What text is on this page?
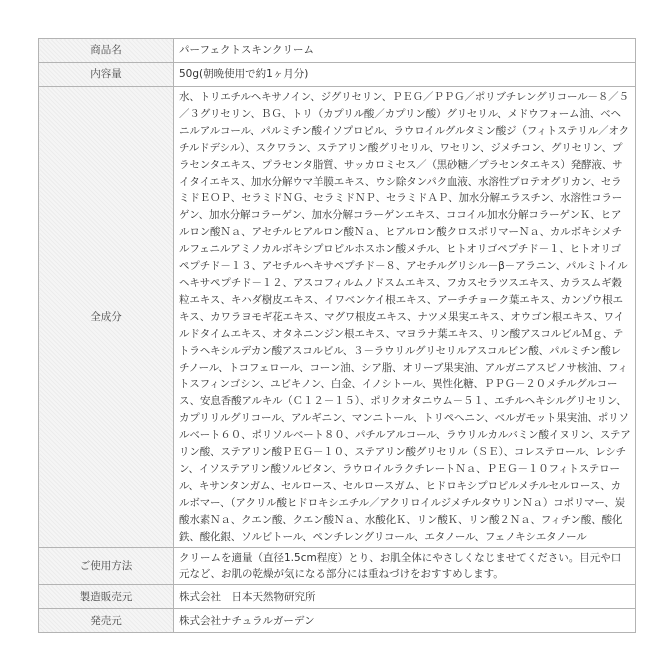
商品名	パーフェクトスキンクリーム
内容量	50g(朝晩使用で約1ヶ月分)
全成分	水、トリエチルヘキサノイン、ジグリセリン、ＰＥＧ／ＰＰＧ／ポリブチレングリコール－８／５／３グリセリン、ＢＧ、トリ（カプリル酸／カプリン酸）グリセリル、メドウフォーム油、ベヘニルアルコール、パルミチン酸イソプロピル、ラウロイルグルタミン酸ジ（フィトステリル／オクチルドデシル）、スクワラン、ステアリン酸グリセリル、ワセリン、ジメチコン、グリセリン、プラセンタエキス、プラセンタ脂質、サッカロミセス／（黒砂糖／プラセンタエキス）発酵液、サイタイエキス、加水分解ウマ羊膜エキス、ウシ除タンパク血液、水溶性プロテオグリカン、セラミドＥＯＰ、セラミドＮＧ、セラミドＮＰ、セラミドＡＰ、加水分解エラスチン、水溶性コラーゲン、加水分解コラーゲン、加水分解コラーゲンエキス、ココイル加水分解コラーゲンＫ、ヒアルロン酸Ｎａ、アセチルヒアルロン酸Ｎａ、ヒアルロン酸クロスポリマーＮａ、カルボキシメチルフェニルアミノカルボキシプロピルホスホン酸メチル、ヒトオリゴペプチド－１、ヒトオリゴペプチド－１３、アセチルヘキサペプチド－８、アセチルグリシル－β－アラニン、パルミトイルヘキサペプチド－１２、アスコフィルムノドスムエキス、フカスセラツスエキス、カラスムギ穀粒エキス、キハダ樹皮エキス、イワベンケイ根エキス、アーチチョーク葉エキス、カンゾウ根エキス、カワラヨモギ花エキス、マグワ根皮エキス、ナツメ果実エキス、オウゴン根エキス、ワイルドタイムエキス、オタネニンジン根エキス、マヨラナ葉エキス、リン酸アスコルビルＭｇ、テトラヘキシルデカン酸アスコルビル、３－ラウリルグリセリルアスコルビン酸、パルミチン酸レチノール、トコフェロール、コーン油、シア脂、オリーブ果実油、アルガニアスピノサ核油、フィトスフィンゴシン、ユビキノン、白金、イノシトール、異性化糖、ＰＰＧ－２０メチルグルコース、安息香酸アルキル（Ｃ１２－１５）、ポリクオタニウム－５１、エチルヘキシルグリセリン、カプリリルグリコール、アルギニン、マンニトール、トリペへニン、ベルガモット果実油、ポリソルベート６０、ポリソルベート８０、パチルアルコール、ラウリルカルバミン酸イヌリン、ステアリン酸、ステアリン酸ＰＥＧ－１０、ステアリン酸グリセリル（ＳＥ）、コレステロール、レシチン、イソステアリン酸ソルビタン、ラウロイルラクチレートＮａ、ＰＥＧ－１０フィトステロール、キサンタンガム、セルロース、セルロースガム、ヒドロキシプロピルメチルセルロース、カルボマー、（アクリル酸ヒドロキシエチル／アクリロイルジメチルタウリンＮａ）コポリマー、炭酸水素Ｎａ、クエン酸、クエン酸Ｎａ、水酸化Ｋ、リン酸Ｋ、リン酸２Ｎａ、フィチン酸、酸化鉄、酸化銀、ソルビトール、ペンチレングリコール、エタノール、フェノキシエタノール

ご使用方法	クリームを適量（直径1.5cm程度）とり、お肌全体にやさしくなじませてください。目元や口元など、お肌の乾燥が気になる部分には重ねづけをおすすめします。
製造販売元	株式会社　日本天然物研究所
発売元	株式会社ナチュラルガーデン
